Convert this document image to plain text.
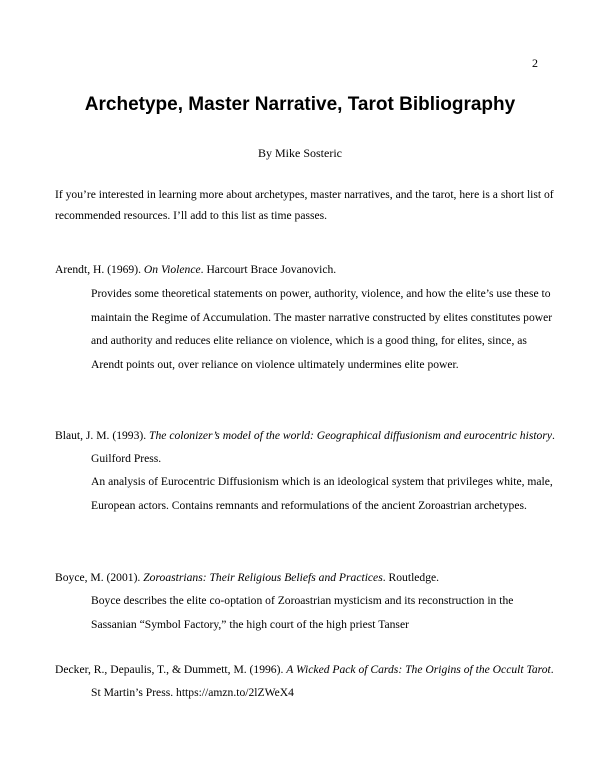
2
Archetype, Master Narrative, Tarot Bibliography
By Mike Sosteric

If you’re interested in learning more about archetypes, master narratives, and the tarot, here is a short list of recommended resources. I’ll add to this list as time passes.

Arendt, H. (1969). On Violence. Harcourt Brace Jovanovich.

Provides some theoretical statements on power, authority, violence, and how the elite’s use these to maintain the Regime of Accumulation. The master narrative constructed by elites constitutes power and authority and reduces elite reliance on violence, which is a good thing, for elites, since, as Arendt points out, over reliance on violence ultimately undermines elite power.

Blaut, J. M. (1993). The colonizer’s model of the world: Geographical diffusionism and eurocentric history. Guilford Press.

An analysis of Eurocentric Diffusionism which is an ideological system that privileges white, male, European actors. Contains remnants and reformulations of the ancient Zoroastrian archetypes.

Boyce, M. (2001). Zoroastrians: Their Religious Beliefs and Practices. Routledge.

Boyce describes the elite co-optation of Zoroastrian mysticism and its reconstruction in the Sassanian “Symbol Factory,” the high court of the high priest Tanser

Decker, R., Depaulis, T., & Dummett, M. (1996). A Wicked Pack of Cards: The Origins of the Occult Tarot. St Martin’s Press. https://amzn.to/2lZWeX4
